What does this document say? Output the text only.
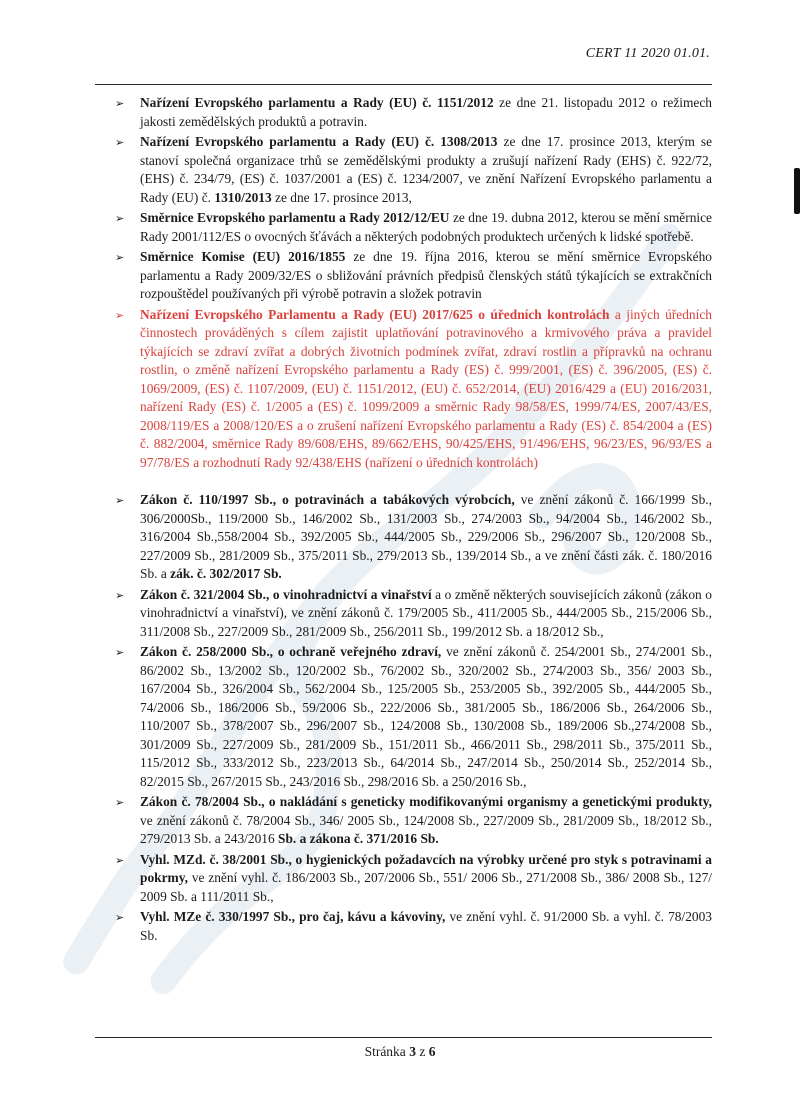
CERT 11 2020 01.01.
➢	Nařízení Evropského parlamentu a Rady (EU) č. 1151/2012 ze dne 21. listopadu 2012 o režimech jakosti zemědělských produktů a potravin.
➢	Nařízení Evropského parlamentu a Rady (EU) č. 1308/2013 ze dne 17. prosince 2013, kterým se stanoví společná organizace trhů se zemědělskými produkty a zrušují nařízení Rady (EHS) č. 922/72, (EHS) č. 234/79, (ES) č. 1037/2001 a (ES) č. 1234/2007, ve znění Nařízení Evropského parlamentu a Rady (EU) č. 1310/2013 ze dne 17. prosince 2013,
➢	Směrnice Evropského parlamentu a Rady 2012/12/EU ze dne 19. dubna 2012, kterou se mění směrnice Rady 2001/112/ES o ovocných šťávách a některých podobných produktech určených k lidské spotřebě.
➢	Směrnice Komise (EU) 2016/1855 ze dne 19. října 2016, kterou se mění směrnice Evropského parlamentu a Rady 2009/32/ES o sbližování právních předpisů členských států týkajících se extrakčních rozpouštědel používaných při výrobě potravin a složek potravin
➢	Nařízení Evropského Parlamentu a Rady (EU) 2017/625 o úředních kontrolách a jiných úředních činnostech prováděných s cílem zajistit uplatňování potravinového a krmivového práva a pravidel týkajících se zdraví zvířat a dobrých životních podmínek zvířat, zdraví rostlin a přípravků na ochranu rostlin, o změně nařízení Evropského parlamentu a Rady (ES) č. 999/2001, (ES) č. 396/2005, (ES) č. 1069/2009, (ES) č. 1107/2009, (EU) č. 1151/2012, (EU) č. 652/2014, (EU) 2016/429 a (EU) 2016/2031, nařízení Rady (ES) č. 1/2005 a (ES) č. 1099/2009 a směrnic Rady 98/58/ES, 1999/74/ES, 2007/43/ES, 2008/119/ES a 2008/120/ES a o zrušení nařízení Evropského parlamentu a Rady (ES) č. 854/2004 a (ES) č. 882/2004, směrnice Rady 89/608/EHS, 89/662/EHS, 90/425/EHS, 91/496/EHS, 96/23/ES, 96/93/ES a 97/78/ES a rozhodnutí Rady 92/438/EHS (nařízení o úředních kontrolách)
➢	Zákon č. 110/1997 Sb., o potravinách a tabákových výrobcích, ve znění zákonů č. 166/1999 Sb., 306/2000Sb., 119/2000 Sb., 146/2002 Sb., 131/2003 Sb., 274/2003 Sb., 94/2004 Sb., 146/2002 Sb., 316/2004 Sb.,558/2004 Sb., 392/2005 Sb., 444/2005 Sb., 229/2006 Sb., 296/2007 Sb., 120/2008 Sb., 227/2009 Sb., 281/2009 Sb., 375/2011 Sb., 279/2013 Sb., 139/2014 Sb., a ve znění části zák. č. 180/2016 Sb. a zák. č. 302/2017 Sb.
➢	Zákon č. 321/2004 Sb., o vinohradnictví a vinařství a o změně některých souvisejících zákonů (zákon o vinohradnictví a vinařství), ve znění zákonů č. 179/2005 Sb., 411/2005 Sb., 444/2005 Sb., 215/2006 Sb., 311/2008 Sb., 227/2009 Sb., 281/2009 Sb., 256/2011 Sb., 199/2012 Sb. a 18/2012 Sb.,
➢	Zákon č. 258/2000 Sb., o ochraně veřejného zdraví, ve znění zákonů č. 254/2001 Sb., 274/2001 Sb., 86/2002 Sb., 13/2002 Sb., 120/2002 Sb., 76/2002 Sb., 320/2002 Sb., 274/2003 Sb., 356/ 2003 Sb., 167/2004 Sb., 326/2004 Sb., 562/2004 Sb., 125/2005 Sb., 253/2005 Sb., 392/2005 Sb., 444/2005 Sb., 74/2006 Sb., 186/2006 Sb., 59/2006 Sb., 222/2006 Sb., 381/2005 Sb., 186/2006 Sb., 264/2006 Sb., 110/2007 Sb., 378/2007 Sb., 296/2007 Sb., 124/2008 Sb., 130/2008 Sb., 189/2006 Sb.,274/2008 Sb., 301/2009 Sb., 227/2009 Sb., 281/2009 Sb., 151/2011 Sb., 466/2011 Sb., 298/2011 Sb., 375/2011 Sb., 115/2012 Sb., 333/2012 Sb., 223/2013 Sb., 64/2014 Sb., 247/2014 Sb., 250/2014 Sb., 252/2014 Sb., 82/2015 Sb., 267/2015 Sb., 243/2016 Sb., 298/2016 Sb. a 250/2016 Sb.,
➢	Zákon č. 78/2004 Sb., o nakládání s geneticky modifikovanými organismy a genetickými produkty, ve znění zákonů č. 78/2004 Sb., 346/ 2005 Sb., 124/2008 Sb., 227/2009 Sb., 281/2009 Sb., 18/2012 Sb., 279/2013 Sb. a 243/2016 Sb. a zákona č. 371/2016 Sb.
➢	Vyhl. MZd. č. 38/2001 Sb., o hygienických požadavcích na výrobky určené pro styk s potravinami a pokrmy, ve znění vyhl. č. 186/2003 Sb., 207/2006 Sb., 551/ 2006 Sb., 271/2008 Sb., 386/ 2008 Sb., 127/ 2009 Sb. a 111/2011 Sb.,
➢	Vyhl. MZe č. 330/1997 Sb., pro čaj, kávu a kávoviny, ve znění vyhl. č. 91/2000 Sb. a vyhl. č. 78/2003 Sb.
Stránka 3 z 6
